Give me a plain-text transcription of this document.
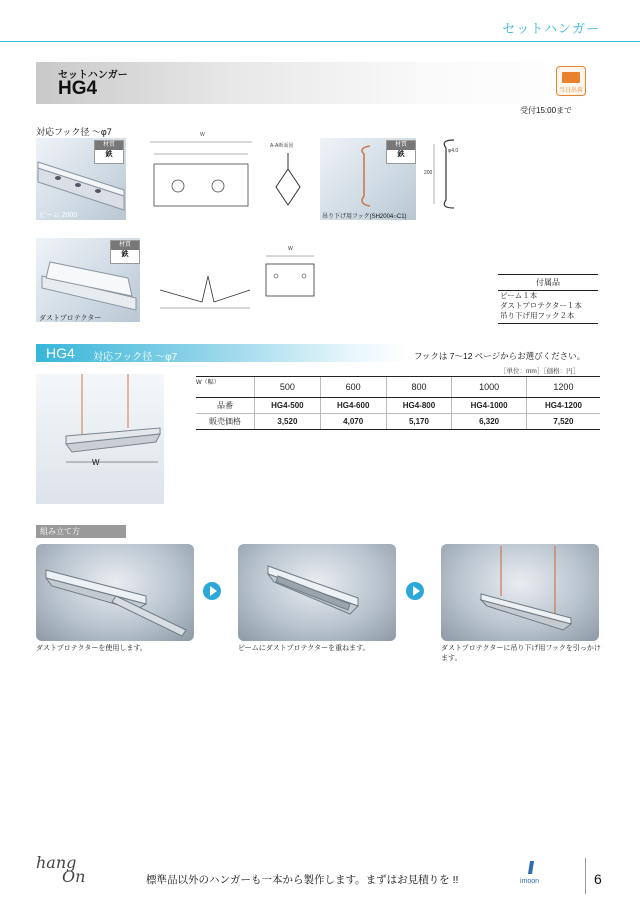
セットハンガー
セットハンガー
HG4	当日出荷
受付15:00まで
対応フック径 〜φ7
材質
鉄
ビーム 2000
W
A-A断面図	材質
鉄
吊り下げ用フック(SH2004○C1)
φ4.0
200
材質
鉄
ダストプロテクター
W
付属品
ビーム１本
ダストプロテクター１本
吊り下げ用フック２本
HG4 対応フック径 〜φ7	フックは 7〜12 ページからお選びください。
［単位：mm］［価格：円］
W
W（幅）	500	600	800	1000	1200
品番	HG4-500	HG4-600	HG4-800	HG4-1000	HG4-1200
販売価格	3,520	4,070	5,170	6,320	7,520
組み立て方
ダストプロテクターを使用します。	ビームにダストプロテクターを重ねます。	ダストプロテクターに吊り下げ用フックを引っかけます。
hang
On	標準品以外のハンガーも一本から製作します。まずはお見積りを !!	imoon	6
